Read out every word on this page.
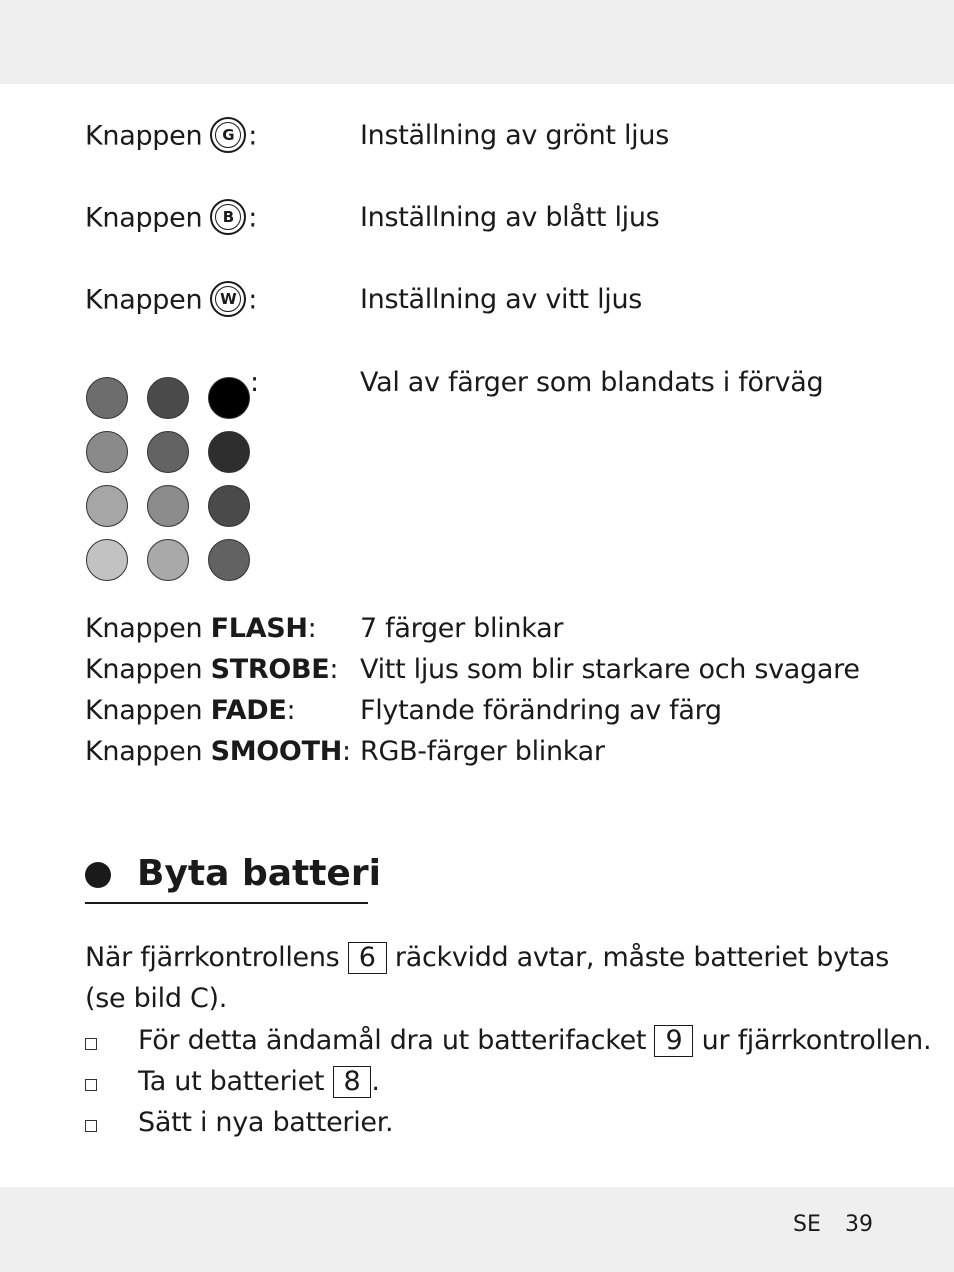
Knappen	G :	Inställning av grönt ljus
Knappen	B :	Inställning av blått ljus
Knappen	W :	Inställning av vitt ljus
:	Val av färger som blandats i förväg
Knappen FLASH: 7 färger blinkar
Knappen STROBE: Vitt ljus som blir starkare och svagare
Knappen FADE: Flytande förändring av färg
Knappen SMOOTH: RGB-färger blinkar
Byta batteri
När fjärrkontrollens 6 räckvidd avtar, måste batteriet bytas
(se bild C).
För detta ändamål dra ut batterifacket 9 ur fjärrkontrollen.
Ta ut batteriet 8 .
Sätt i nya batterier.
SE 39
